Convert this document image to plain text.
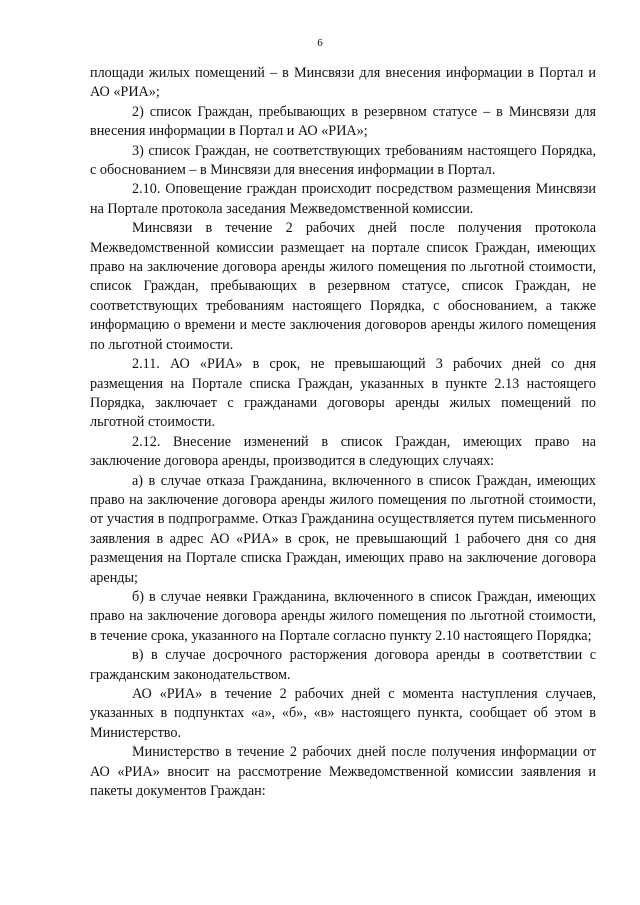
6

площади жилых помещений – в Минсвязи для внесения информации в Портал и АО «РИА»;

2) список Граждан, пребывающих в резервном статусе – в Минсвязи для внесения информации в Портал и АО «РИА»;

3) список Граждан, не соответствующих требованиям настоящего Порядка, с обоснованием – в Минсвязи для внесения информации в Портал.

2.10. Оповещение граждан происходит посредством размещения Минсвязи на Портале протокола заседания Межведомственной комиссии.

Минсвязи в течение 2 рабочих дней после получения протокола Межведомственной комиссии размещает на портале список Граждан, имеющих право на заключение договора аренды жилого помещения по льготной стоимости, список Граждан, пребывающих в резервном статусе, список Граждан, не соответствующих требованиям настоящего Порядка, с обоснованием, а также информацию о времени и месте заключения договоров аренды жилого помещения по льготной стоимости.

2.11. АО «РИА» в срок, не превышающий 3 рабочих дней со дня размещения на Портале списка Граждан, указанных в пункте 2.13 настоящего Порядка, заключает с гражданами договоры аренды жилых помещений по льготной стоимости.

2.12. Внесение изменений в список Граждан, имеющих право на заключение договора аренды, производится в следующих случаях:

а) в случае отказа Гражданина, включенного в список Граждан, имеющих право на заключение договора аренды жилого помещения по льготной стоимости, от участия в подпрограмме. Отказ Гражданина осуществляется путем письменного заявления в адрес АО «РИА» в срок, не превышающий 1 рабочего дня со дня размещения на Портале списка Граждан, имеющих право на заключение договора аренды;

б) в случае неявки Гражданина, включенного в список Граждан, имеющих право на заключение договора аренды жилого помещения по льготной стоимости, в течение срока, указанного на Портале согласно пункту 2.10 настоящего Порядка;

в) в случае досрочного расторжения договора аренды в соответствии с гражданским законодательством.

АО «РИА» в течение 2 рабочих дней с момента наступления случаев, указанных в подпунктах «а», «б», «в» настоящего пункта, сообщает об этом в Министерство.

Министерство в течение 2 рабочих дней после получения информации от АО «РИА» вносит на рассмотрение Межведомственной комиссии заявления и пакеты документов Граждан:
